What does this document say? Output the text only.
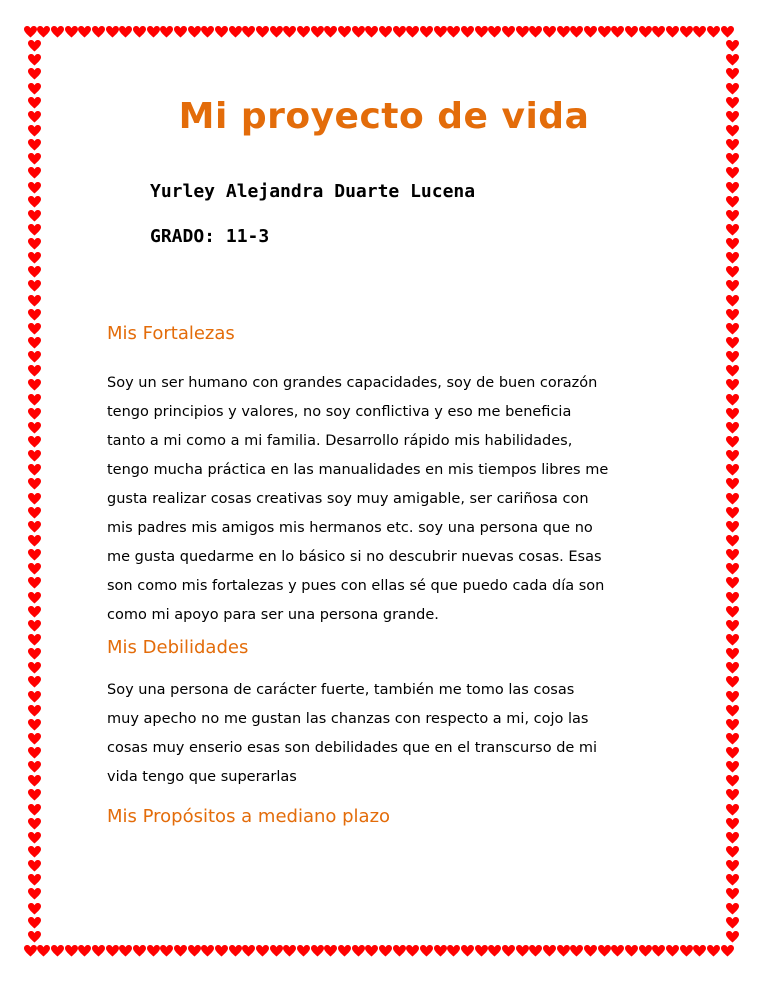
Mi proyecto de vida

Yurley Alejandra Duarte Lucena

GRADO: 11-3

Mis Fortalezas
Soy un ser humano con grandes capacidades, soy de buen corazón
tengo principios y valores, no soy conflictiva y eso me beneficia
tanto a mi como a mi familia. Desarrollo rápido mis habilidades,
tengo mucha práctica en las manualidades en mis tiempos libres me
gusta realizar cosas creativas soy muy amigable, ser cariñosa con
mis padres mis amigos mis hermanos etc. soy una persona que no
me gusta quedarme en lo básico si no descubrir nuevas cosas. Esas
son como mis fortalezas y pues con ellas sé que puedo cada día son
como mi apoyo para ser una persona grande.
Mis Debilidades
Soy una persona de carácter fuerte, también me tomo las cosas
muy apecho no me gustan las chanzas con respecto a mi, cojo las
cosas muy enserio esas son debilidades que en el transcurso de mi
vida tengo que superarlas
Mis Propósitos a mediano plazo
